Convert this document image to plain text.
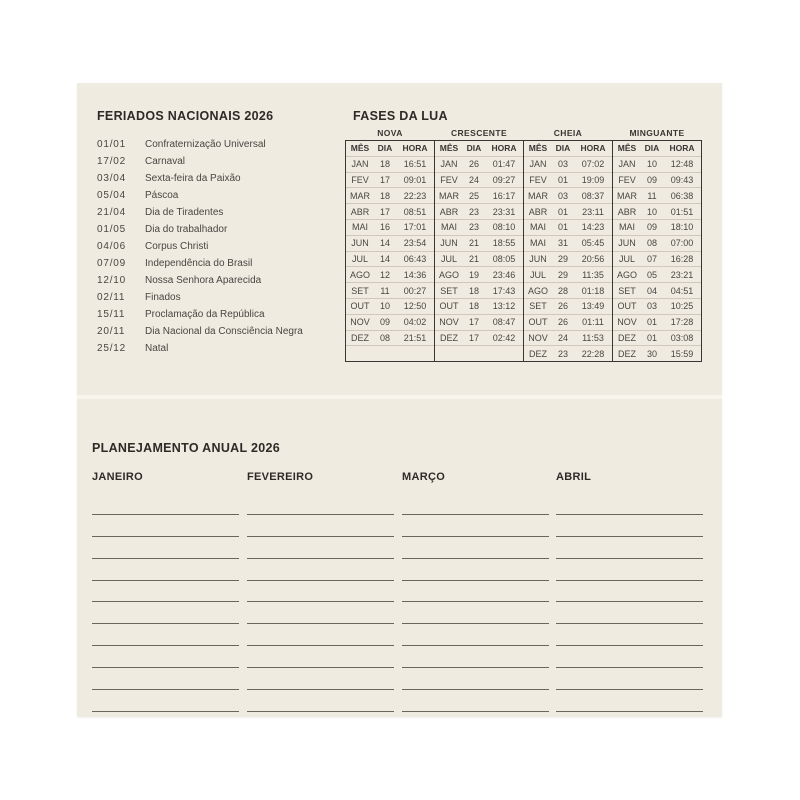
FERIADOS NACIONAIS 2026
01/01 Confraternização Universal
17/02 Carnaval
03/04 Sexta-feira da Paixão
05/04 Páscoa
21/04 Dia de Tiradentes
01/05 Dia do trabalhador
04/06 Corpus Christi
07/09 Independência do Brasil
12/10 Nossa Senhora Aparecida
02/11 Finados
15/11 Proclamação da República
20/11 Dia Nacional da Consciência Negra
25/12 Natal
FASES DA LUA
NOVA			CRESCENTE			CHEIA			MINGUANTE		
MÊS	DIA	HORA	MÊS	DIA	HORA	MÊS	DIA	HORA	MÊS	DIA	HORA
JAN	18	16:51	JAN	26	01:47	JAN	03	07:02	JAN	10	12:48
FEV	17	09:01	FEV	24	09:27	FEV	01	19:09	FEV	09	09:43
MAR	18	22:23	MAR	25	16:17	MAR	03	08:37	MAR	11	06:38
ABR	17	08:51	ABR	23	23:31	ABR	01	23:11	ABR	10	01:51
MAI	16	17:01	MAI	23	08:10	MAI	01	14:23	MAI	09	18:10
JUN	14	23:54	JUN	21	18:55	MAI	31	05:45	JUN	08	07:00
JUL	14	06:43	JUL	21	08:05	JUN	29	20:56	JUL	07	16:28
AGO	12	14:36	AGO	19	23:46	JUL	29	11:35	AGO	05	23:21
SET	11	00:27	SET	18	17:43	AGO	28	01:18	SET	04	04:51
OUT	10	12:50	OUT	18	13:12	SET	26	13:49	OUT	03	10:25
NOV	09	04:02	NOV	17	08:47	OUT	26	01:11	NOV	01	17:28
DEZ	08	21:51	DEZ	17	02:42	NOV	24	11:53	DEZ	01	03:08
						DEZ	23	22:28	DEZ	30	15:59
PLANEJAMENTO ANUAL 2026
JANEIRO	FEVEREIRO	MARÇO	ABRIL
